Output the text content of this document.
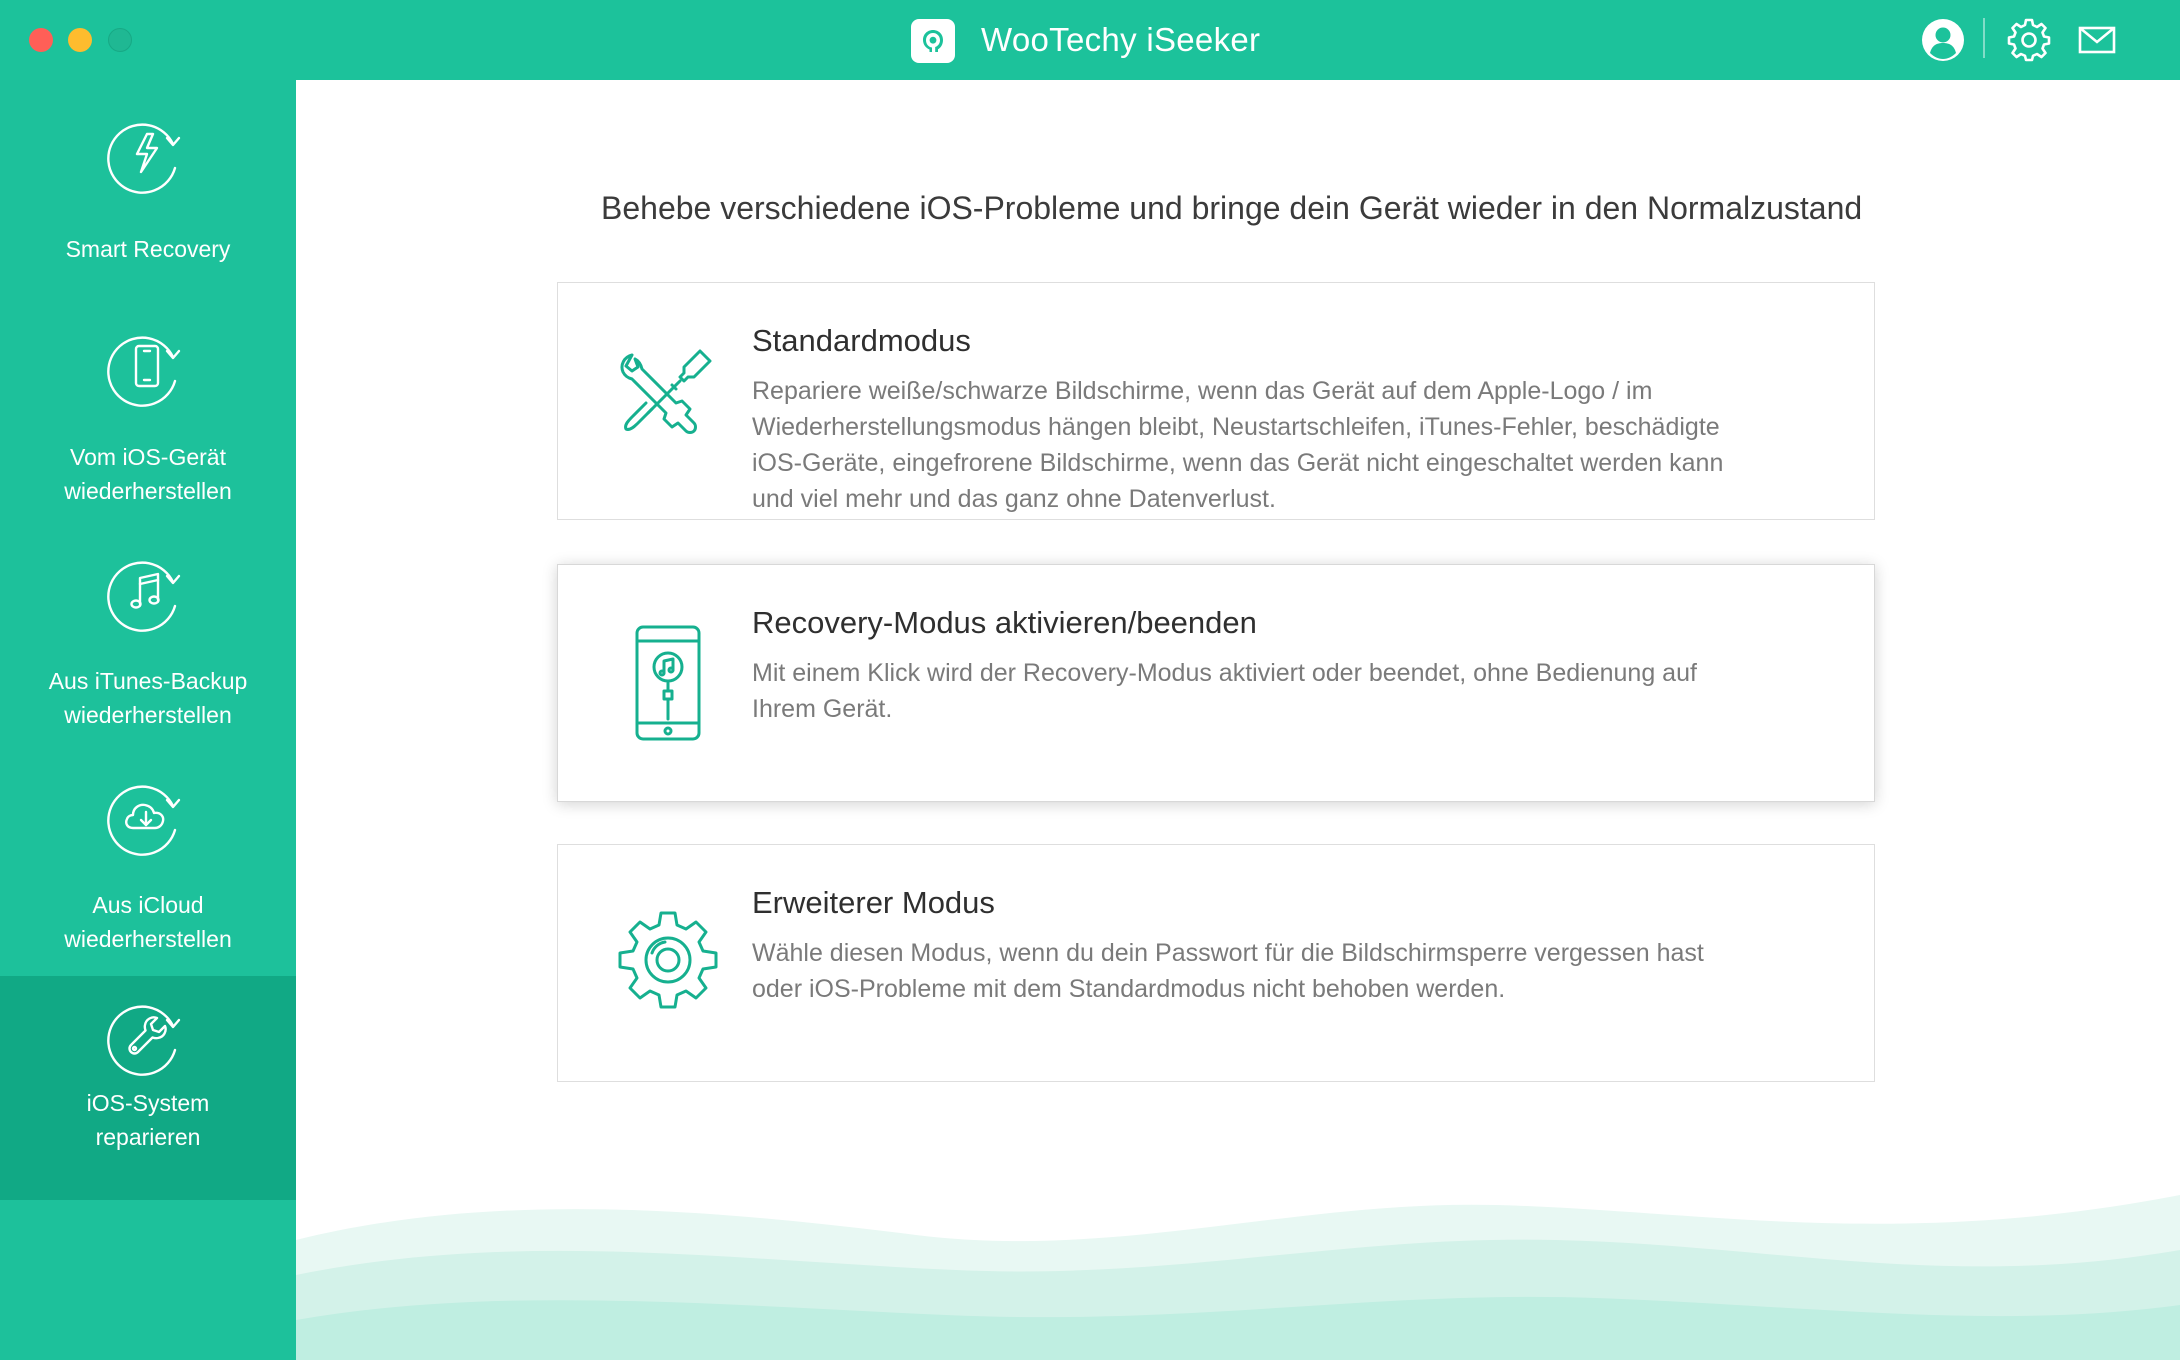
WooTechy iSeeker
Smart Recovery
Vom iOS-Gerät
wiederherstellen
Aus iTunes-Backup
wiederherstellen
Aus iCloud
wiederherstellen
iOS-System
reparieren
Behebe verschiedene iOS-Probleme und bringe dein Gerät wieder in den Normalzustand
Standardmodus
Repariere weiße/schwarze Bildschirme, wenn das Gerät auf dem Apple-Logo / im
Wiederherstellungsmodus hängen bleibt, Neustartschleifen, iTunes-Fehler, beschädigte
iOS-Geräte, eingefrorene Bildschirme, wenn das Gerät nicht eingeschaltet werden kann
und viel mehr und das ganz ohne Datenverlust.
Recovery-Modus aktivieren/beenden
Mit einem Klick wird der Recovery-Modus aktiviert oder beendet, ohne Bedienung auf
Ihrem Gerät.
Erweiterer Modus
Wähle diesen Modus, wenn du dein Passwort für die Bildschirmsperre vergessen hast
oder iOS-Probleme mit dem Standardmodus nicht behoben werden.
